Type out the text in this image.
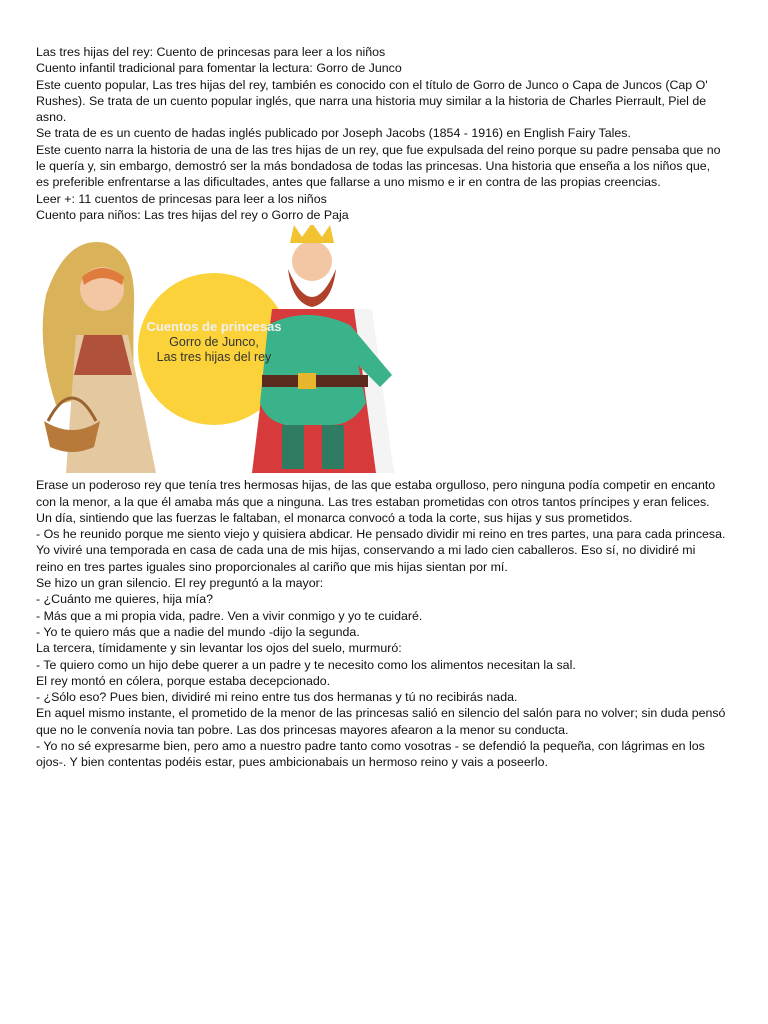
Las tres hijas del rey: Cuento de princesas para leer a los niños
Cuento infantil tradicional para fomentar la lectura: Gorro de Junco
Este cuento popular, Las tres hijas del rey, también es conocido con el título de Gorro de Junco o Capa de Juncos (Cap O' Rushes). Se trata de un cuento popular inglés, que narra una historia muy similar a la historia de Charles Pierrault, Piel de asno.
Se trata de es un cuento de hadas inglés publicado por Joseph Jacobs (1854 - 1916) en English Fairy Tales.
Este cuento narra la historia de una de las tres hijas de un rey, que fue expulsada del reino porque su padre pensaba que no le quería y, sin embargo, demostró ser la más bondadosa de todas las princesas. Una historia que enseña a los niños que, es preferible enfrentarse a las dificultades, antes que fallarse a uno mismo e ir en contra de las propias creencias.
Leer +: 11 cuentos de princesas para leer a los niños
Cuento para niños: Las tres hijas del rey o Gorro de Paja
Cuentos de princesas
Gorro de Junco,
Las tres hijas del rey
Erase un poderoso rey que tenía tres hermosas hijas, de las que estaba orgulloso, pero ninguna podía competir en encanto con la menor, a la que él amaba más que a ninguna. Las tres estaban prometidas con otros tantos príncipes y eran felices.
Un día, sintiendo que las fuerzas le faltaban, el monarca convocó a toda la corte, sus hijas y sus prometidos.
- Os he reunido porque me siento viejo y quisiera abdicar. He pensado dividir mi reino en tres partes, una para cada princesa. Yo viviré una temporada en casa de cada una de mis hijas, conservando a mi lado cien caballeros. Eso sí, no dividiré mi reino en tres partes iguales sino proporcionales al cariño que mis hijas sientan por mí.
Se hizo un gran silencio. El rey preguntó a la mayor:
- ¿Cuánto me quieres, hija mía?
- Más que a mi propia vida, padre. Ven a vivir conmigo y yo te cuidaré.
- Yo te quiero más que a nadie del mundo -dijo la segunda.
La tercera, tímidamente y sin levantar los ojos del suelo, murmuró:
- Te quiero como un hijo debe querer a un padre y te necesito como los alimentos necesitan la sal.
El rey montó en cólera, porque estaba decepcionado.
- ¿Sólo eso? Pues bien, dividiré mi reino entre tus dos hermanas y tú no recibirás nada.
En aquel mismo instante, el prometido de la menor de las princesas salió en silencio del salón para no volver; sin duda pensó que no le convenía novia tan pobre. Las dos princesas mayores afearon a la menor su conducta.
- Yo no sé expresarme bien, pero amo a nuestro padre tanto como vosotras - se defendió la pequeña, con lágrimas en los ojos-. Y bien contentas podéis estar, pues ambicionabais un hermoso reino y vais a poseerlo.
